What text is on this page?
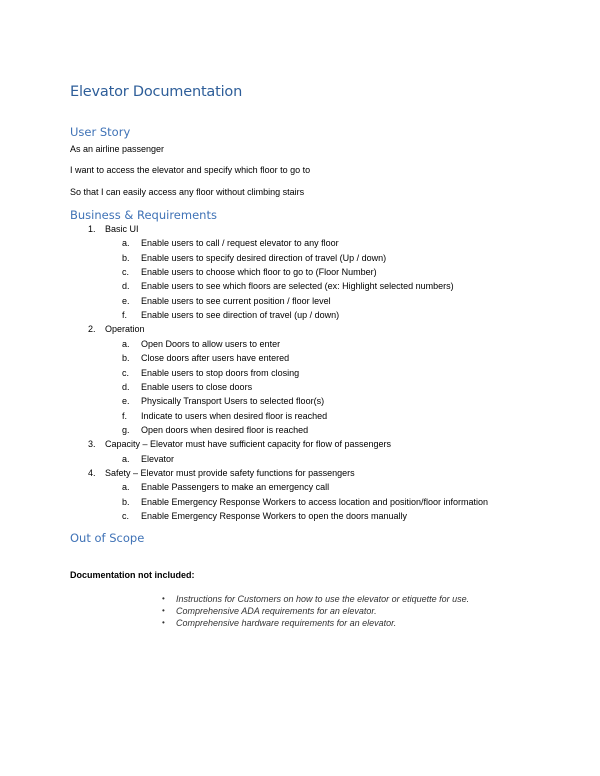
Elevator Documentation
User Story
As an airline passenger
I want to access the elevator and specify which floor to go to
So that I can easily access any floor without climbing stairs
Business & Requirements
1. Basic UI
a. Enable users to call / request elevator to any floor
b. Enable users to specify desired direction of travel (Up / down)
c. Enable users to choose which floor to go to (Floor Number)
d. Enable users to see which floors are selected (ex: Highlight selected numbers)
e. Enable users to see current position / floor level
f. Enable users to see direction of travel (up / down)
2. Operation
a. Open Doors to allow users to enter
b. Close doors after users have entered
c. Enable users to stop doors from closing
d. Enable users to close doors
e. Physically Transport Users to selected floor(s)
f. Indicate to users when desired floor is reached
g. Open doors when desired floor is reached
3. Capacity – Elevator must have sufficient capacity for flow of passengers
a. Elevator
4. Safety – Elevator must provide safety functions for passengers
a. Enable Passengers to make an emergency call
b. Enable Emergency Response Workers to access location and position/floor information
c. Enable Emergency Response Workers to open the doors manually
Out of Scope
Documentation not included:
• Instructions for Customers on how to use the elevator or etiquette for use.
• Comprehensive ADA requirements for an elevator.
• Comprehensive hardware requirements for an elevator.
